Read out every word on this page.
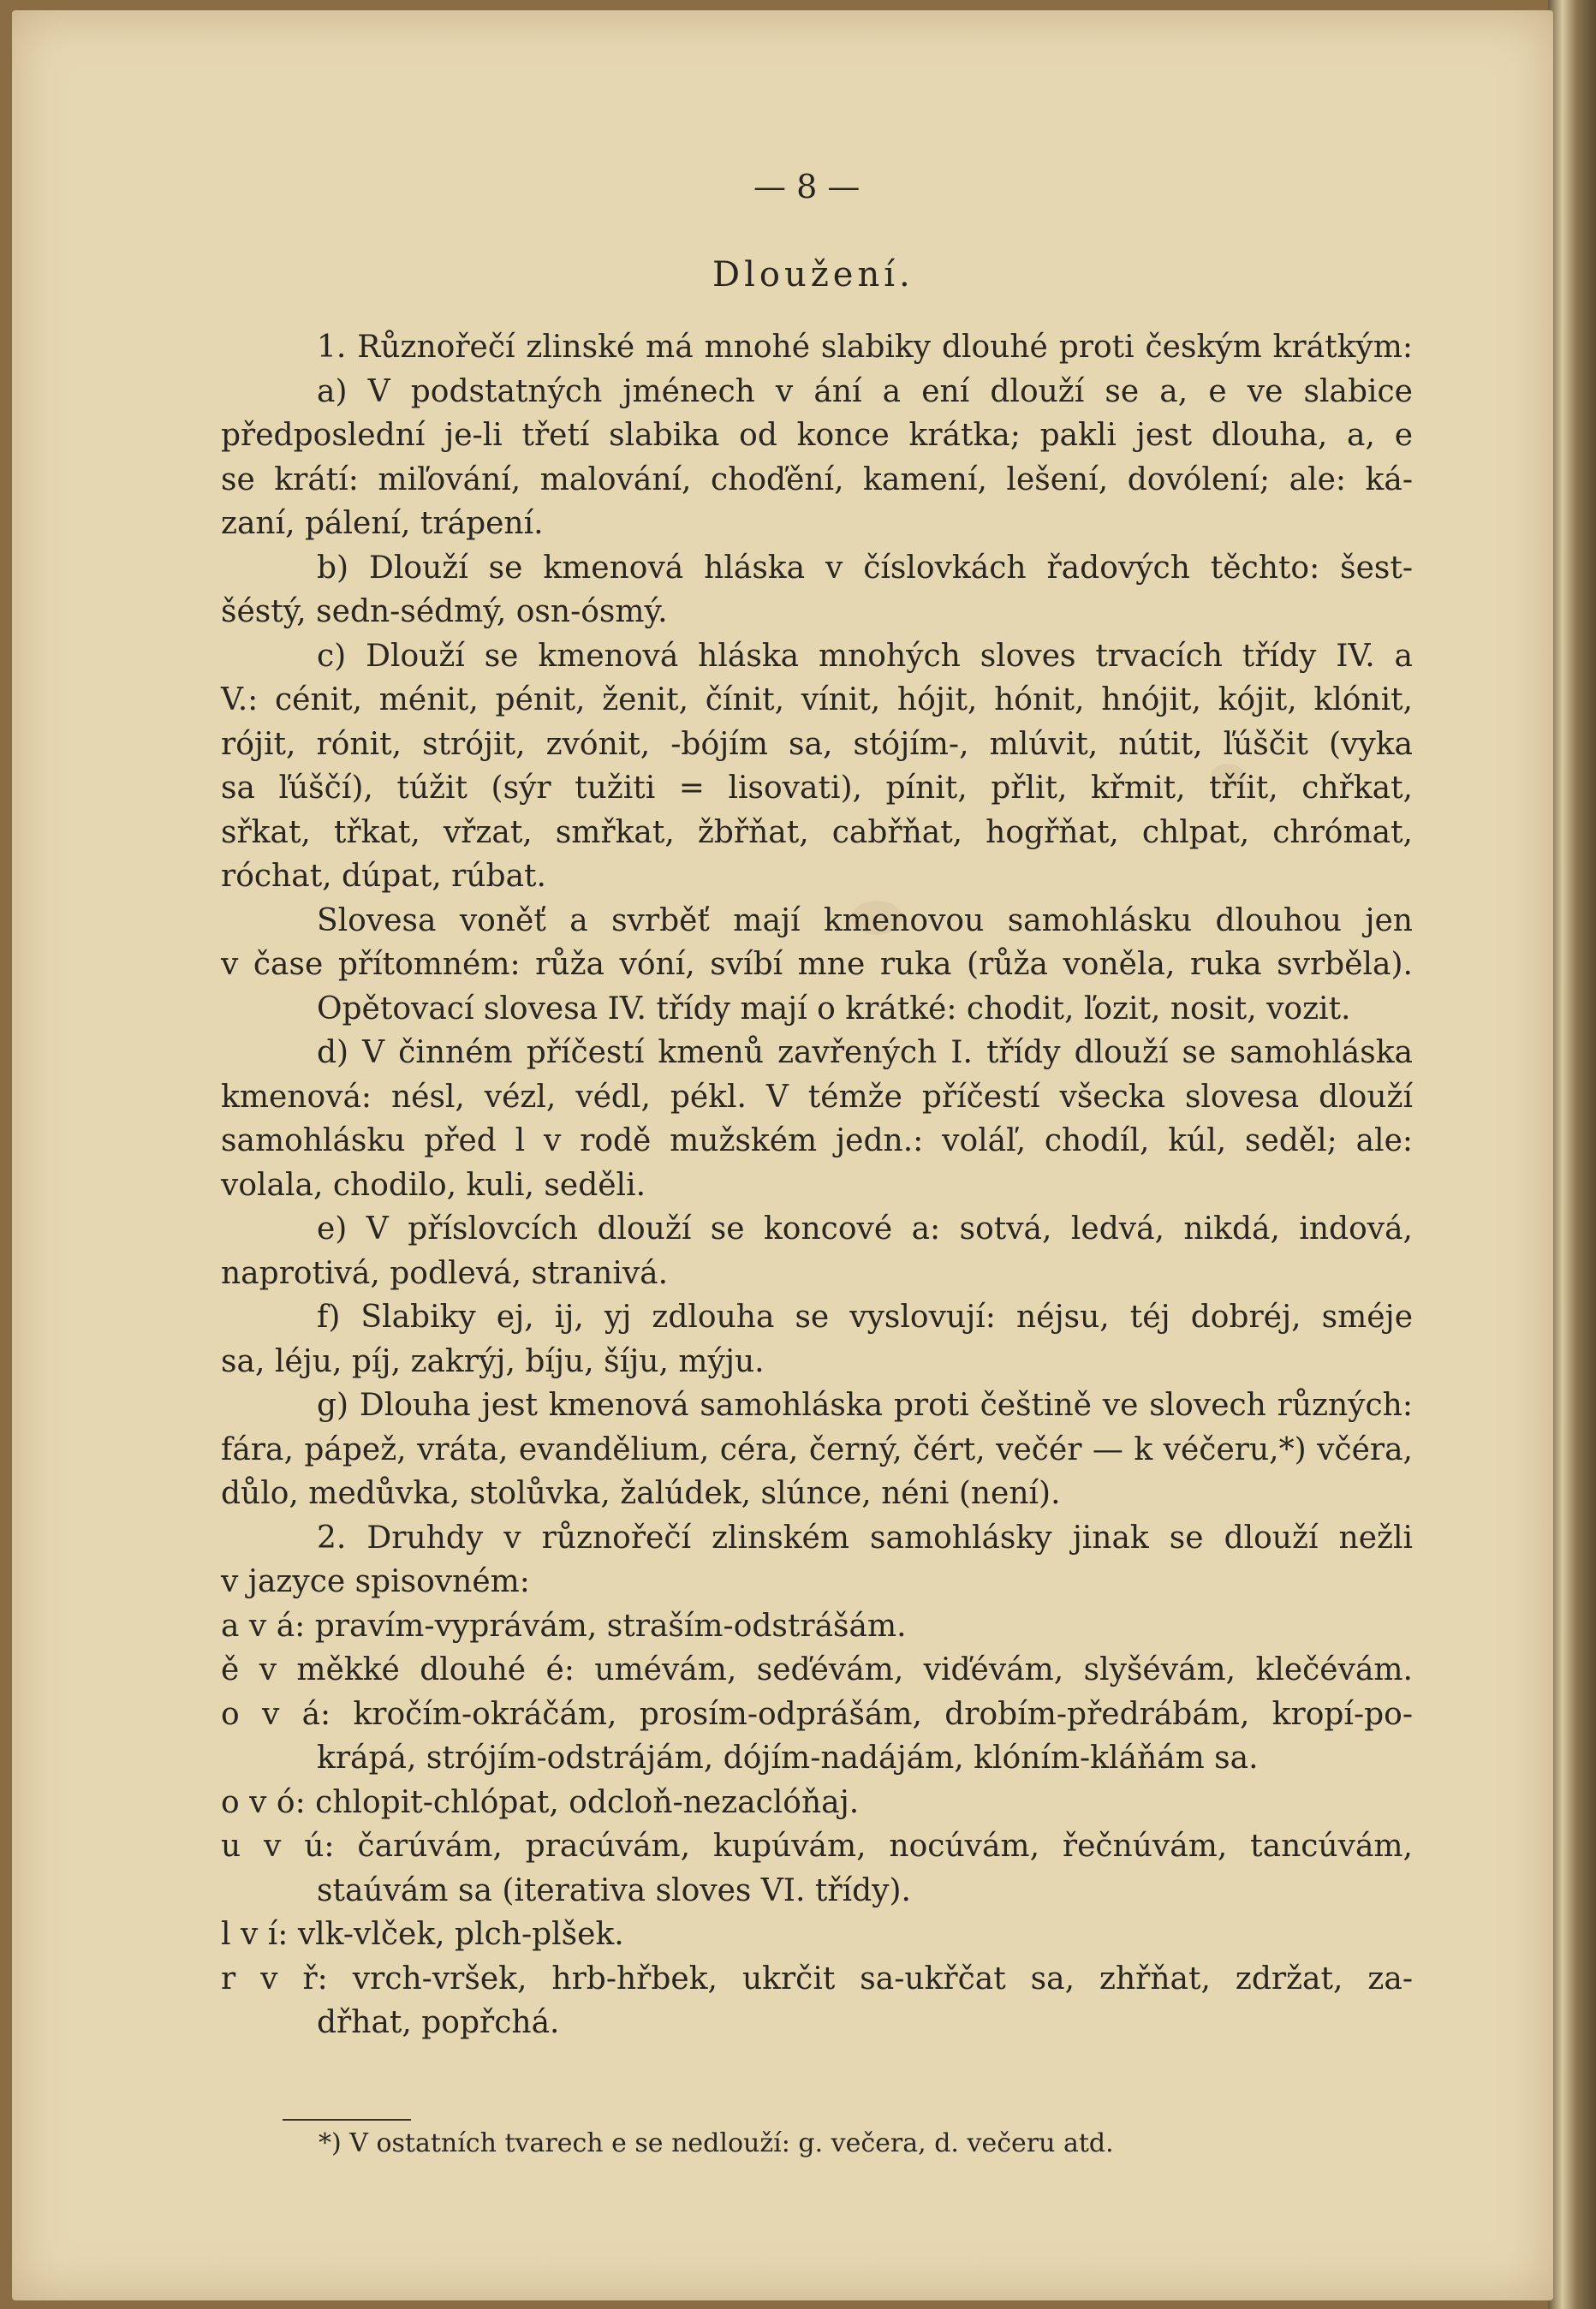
— 8 —
Dloužení.

1. Různořečí zlinské má mnohé slabiky dlouhé proti českým krátkým:

a) V podstatných jménech v ání a ení dlouží se a, e ve slabice

předposlední je-li třetí slabika od konce krátka; pakli jest dlouha, a, e

se krátí: miľování, malování, choďění, kamení, lešení, dovólení; ale: ká-

zaní, pálení, trápení.

b) Dlouží se kmenová hláska v číslovkách řadových těchto: šest-

šéstý, sedn-sédmý, osn-ósmý.

c) Dlouží se kmenová hláska mnohých sloves trvacích třídy IV. a

V.: cénit, ménit, pénit, ženit, čínit, vínit, hójit, hónit, hnójit, kójit, klónit,

rójit, rónit, strójit, zvónit, -bójím sa, stójím-, mlúvit, nútit, ľúščit (vyka

sa ľúščí), túžit (sýr tužiti = lisovati), pínit, přlit, křmit, tříit, chřkat,

sřkat, třkat, vřzat, smřkat, žbřňat, cabřňat, hogřňat, chlpat, chrómat,

róchat, dúpat, rúbat.

Slovesa voněť a svrběť mají kmenovou samohlásku dlouhou jen

v čase přítomném: růža vóní, svíbí mne ruka (růža voněla, ruka svrběla).

Opětovací slovesa IV. třídy mají o krátké: chodit, ľozit, nosit, vozit.

d) V činném příčestí kmenů zavřených I. třídy dlouží se samohláska

kmenová: nésl, vézl, védl, pékl. V témže příčestí všecka slovesa dlouží

samohlásku před l v rodě mužském jedn.: voláľ, chodíl, kúl, seděl; ale:

volala, chodilo, kuli, seděli.

e) V příslovcích dlouží se koncové a: sotvá, ledvá, nikdá, indová,

naprotivá, podlevá, stranivá.

f) Slabiky ej, ij, yj zdlouha se vyslovují: néjsu, téj dobréj, sméje

sa, léju, píj, zakrýj, bíju, šíju, mýju.

g) Dlouha jest kmenová samohláska proti češtině ve slovech různých:

fára, pápež, vráta, evandělium, céra, černý, čért, večér — k véčeru,*) včéra,

důlo, medůvka, stolůvka, žalúdek, slúnce, néni (není).

2. Druhdy v různořečí zlinském samohlásky jinak se dlouží nežli

v jazyce spisovném:

a v á: pravím-vyprávám, straším-odstrášám.

ě v měkké dlouhé é: umévám, seďévám, viďévám, slyšévám, klečévám.

o v á: kročím-okráčám, prosím-odprášám, drobím-předrábám, kropí-po-

krápá, strójím-odstrájám, dójím-nadájám, klóním-kláňám sa.

o v ó: chlopit-chlópat, odcloň-nezaclóňaj.

u v ú: čarúvám, pracúvám, kupúvám, nocúvám, řečnúvám, tancúvám,

staúvám sa (iterativa sloves VI. třídy).

l v í: vlk-vlček, plch-plšek.

r v ř: vrch-vršek, hrb-hřbek, ukrčit sa-ukřčat sa, zhřňat, zdržat, za-

dřhat, popřchá.

*) V ostatních tvarech e se nedlouží: g. večera, d. večeru atd.
